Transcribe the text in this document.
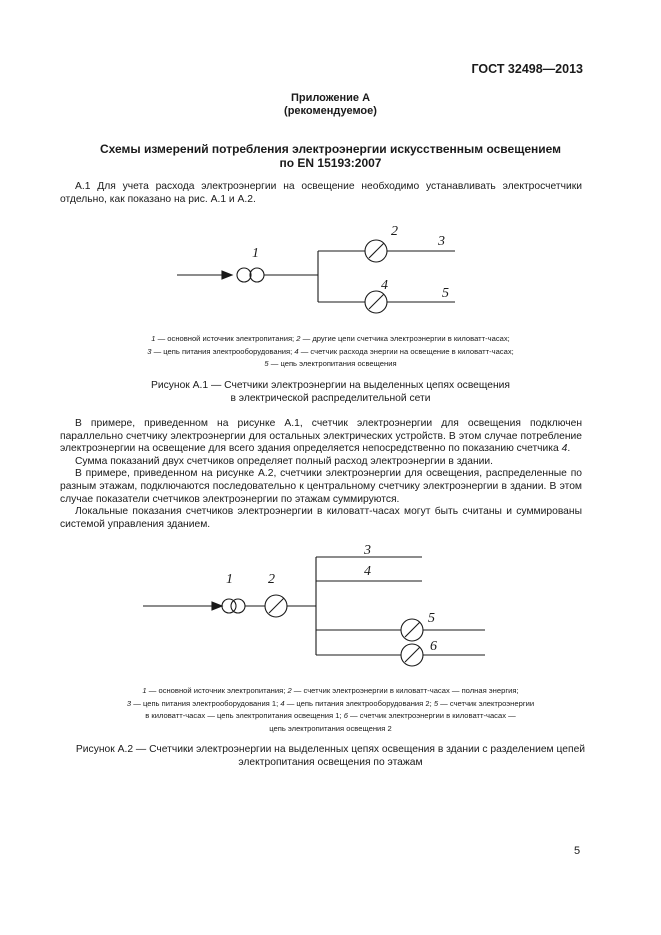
ГОСТ 32498—2013
Приложение А
(рекомендуемое)
Схемы измерений потребления электроэнергии искусственным освещением
по EN 15193:2007

А.1 Для учета расхода электроэнергии на освещение необходимо устанавливать электросчетчики отдельно, как показано на рис. А.1 и А.2.

1
2
3
4
5
1 — основной источник электропитания; 2 — другие цепи счетчика электроэнергии в киловатт-часах;
3 — цепь питания электрооборудования; 4 — счетчик расхода энергии на освещение в киловатт-часах;
5 — цепь электропитания освещения
Рисунок А.1 — Счетчики электроэнергии на выделенных цепях освещения
в электрической распределительной сети

В примере, приведенном на рисунке А.1, счетчик электроэнергии для освещения подключен параллельно счетчику электроэнергии для остальных электрических устройств. В этом случае потребление электроэнергии на освещение для всего здания определяется непосредственно по показанию счетчика 4.

Сумма показаний двух счетчиков определяет полный расход электроэнергии в здании.

В примере, приведенном на рисунке А.2, счетчики электроэнергии для освещения, распределенные по разным этажам, подключаются последовательно к центральному счетчику электроэнергии в здании. В этом случае показатели счетчиков электроэнергии по этажам суммируются.

Локальные показания счетчиков электроэнергии в киловатт-часах могут быть считаны и суммированы системой управления зданием.

1	2
3
4
5
6
1 — основной источник электропитания; 2 — счетчик электроэнергии в киловатт-часах — полная энергия;
3 — цепь питания электрооборудования 1; 4 — цепь питания электрооборудования 2; 5 — счетчик электроэнергии
в киловатт-часах — цепь электропитания освещения 1; 6 — счетчик электроэнергии в киловатт-часах —
цепь электропитания освещения 2
Рисунок А.2 — Счетчики электроэнергии на выделенных цепях освещения в здании с разделением цепей
электропитания освещения по этажам
5
